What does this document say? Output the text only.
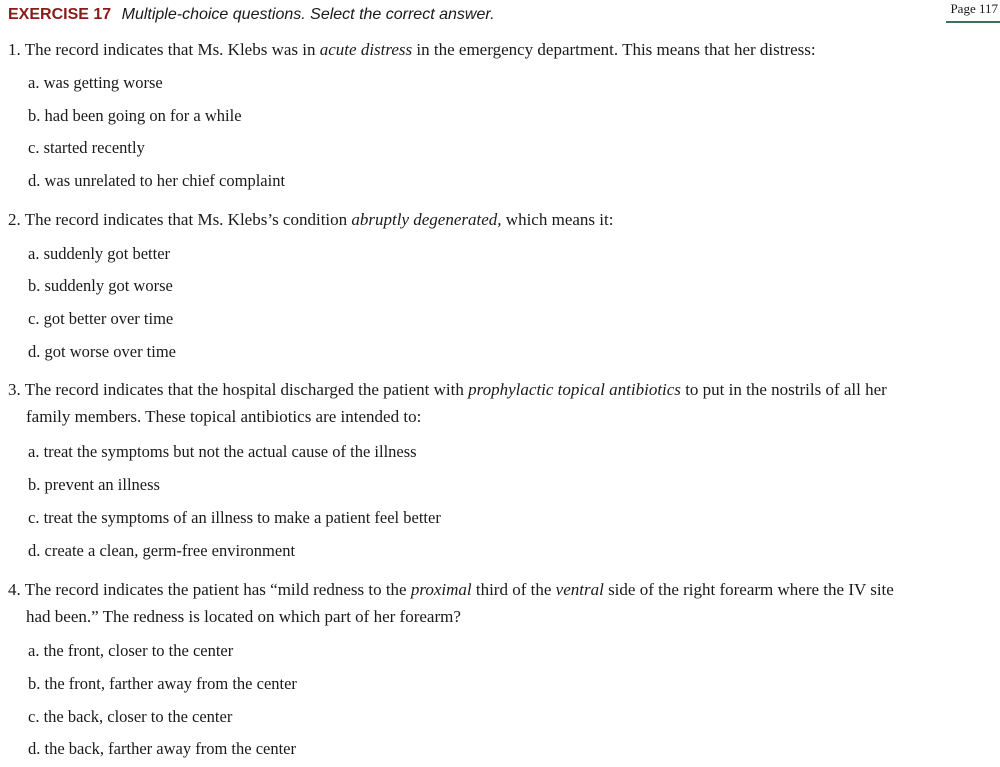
EXERCISE 17 Multiple-choice questions. Select the correct answer.	Page 117
1. The record indicates that Ms. Klebs was in acute distress in the emergency department. This means that her distress:
a. was getting worse
b. had been going on for a while
c. started recently
d. was unrelated to her chief complaint
2. The record indicates that Ms. Klebs’s condition abruptly degenerated, which means it:
a. suddenly got better
b. suddenly got worse
c. got better over time
d. got worse over time
3. The record indicates that the hospital discharged the patient with prophylactic topical antibiotics to put in the nostrils of all her
family members. These topical antibiotics are intended to:
a. treat the symptoms but not the actual cause of the illness
b. prevent an illness
c. treat the symptoms of an illness to make a patient feel better
d. create a clean, germ-free environment
4. The record indicates the patient has “mild redness to the proximal third of the ventral side of the right forearm where the IV site
had been.” The redness is located on which part of her forearm?
a. the front, closer to the center
b. the front, farther away from the center
c. the back, closer to the center
d. the back, farther away from the center
